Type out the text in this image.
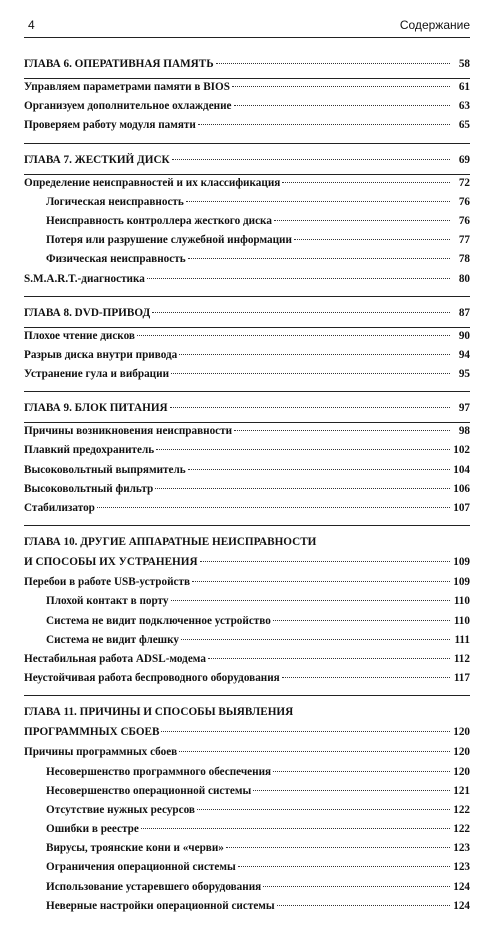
4	Содержание
ГЛАВА 6. ОПЕРАТИВНАЯ ПАМЯТЬ	58
Управляем параметрами памяти в BIOS	61
Организуем дополнительное охлаждение	63
Проверяем работу модуля памяти	65
ГЛАВА 7. ЖЕСТКИЙ ДИСК	69
Определение неисправностей и их классификация	72
Логическая неисправность	76
Неисправность контроллера жесткого диска	76
Потеря или разрушение служебной информации	77
Физическая неисправность	78
S.M.A.R.T.-диагностика	80
ГЛАВА 8. DVD-ПРИВОД	87
Плохое чтение дисков	90
Разрыв диска внутри привода	94
Устранение гула и вибрации	95
ГЛАВА 9. БЛОК ПИТАНИЯ	97
Причины возникновения неисправности	98
Плавкий предохранитель	102
Высоковольтный выпрямитель	104
Высоковольтный фильтр	106
Стабилизатор	107
ГЛАВА 10. ДРУГИЕ АППАРАТНЫЕ НЕИСПРАВНОСТИ
И СПОСОБЫ ИХ УСТРАНЕНИЯ	109
Перебои в работе USB-устройств	109
Плохой контакт в порту	110
Система не видит подключенное устройство	110
Система не видит флешку	111
Нестабильная работа ADSL-модема	112
Неустойчивая работа беспроводного оборудования	117
ГЛАВА 11. ПРИЧИНЫ И СПОСОБЫ ВЫЯВЛЕНИЯ
ПРОГРАММНЫХ СБОЕВ	120
Причины программных сбоев	120
Несовершенство программного обеспечения	120
Несовершенство операционной системы	121
Отсутствие нужных ресурсов	122
Ошибки в реестре	122
Вирусы, троянские кони и «черви»	123
Ограничения операционной системы	123
Использование устаревшего оборудования	124
Неверные настройки операционной системы	124
